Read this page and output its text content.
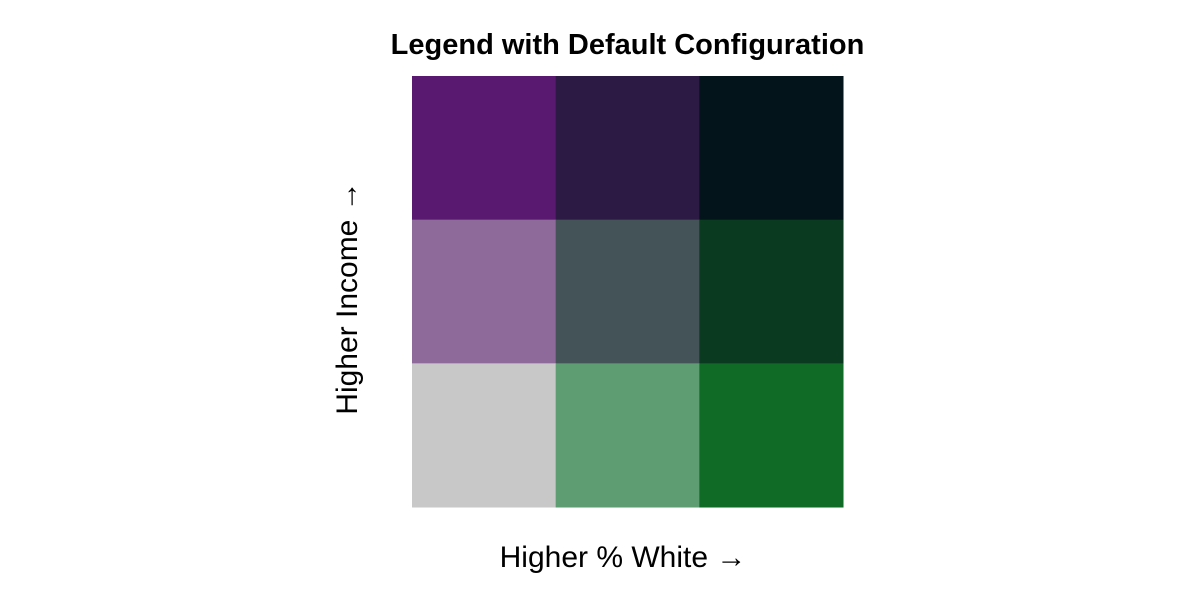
Legend with Default Configuration
Higher Income →
Higher % White →
